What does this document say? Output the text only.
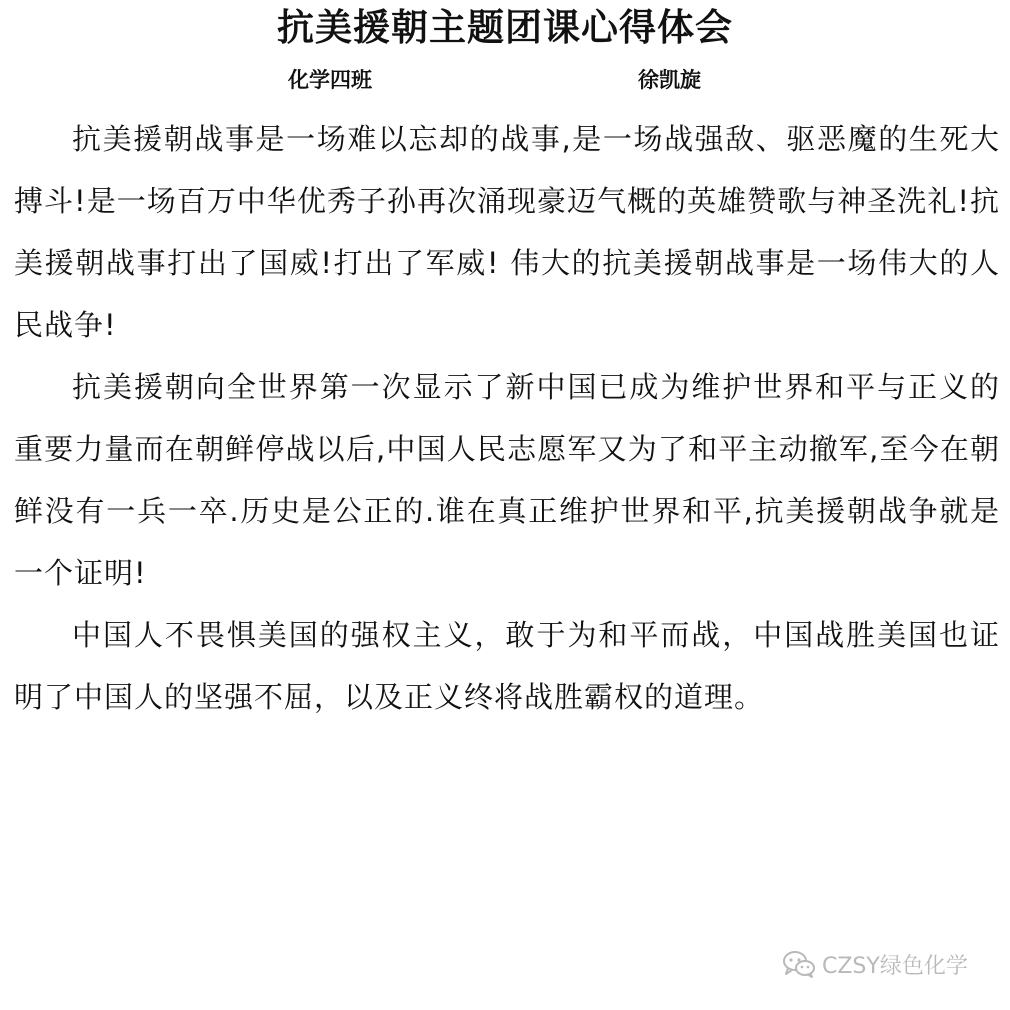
抗美援朝主题团课心得体会
化学四班	徐凯旋

抗美援朝战事是一场难以忘却的战事,是一场战强敌、驱恶魔的生死大搏斗!是一场百万中华优秀子孙再次涌现豪迈气概的英雄赞歌与神圣洗礼!抗美援朝战事打出了国威!打出了军威! 伟大的抗美援朝战事是一场伟大的人民战争!

抗美援朝向全世界第一次显示了新中国已成为维护世界和平与正义的重要力量而在朝鲜停战以后,中国人民志愿军又为了和平主动撤军,至今在朝鲜没有一兵一卒.历史是公正的.谁在真正维护世界和平,抗美援朝战争就是一个证明!

中国人不畏惧美国的强权主义，敢于为和平而战，中国战胜美国也证明了中国人的坚强不屈，以及正义终将战胜霸权的道理。

CZSY绿色化学
